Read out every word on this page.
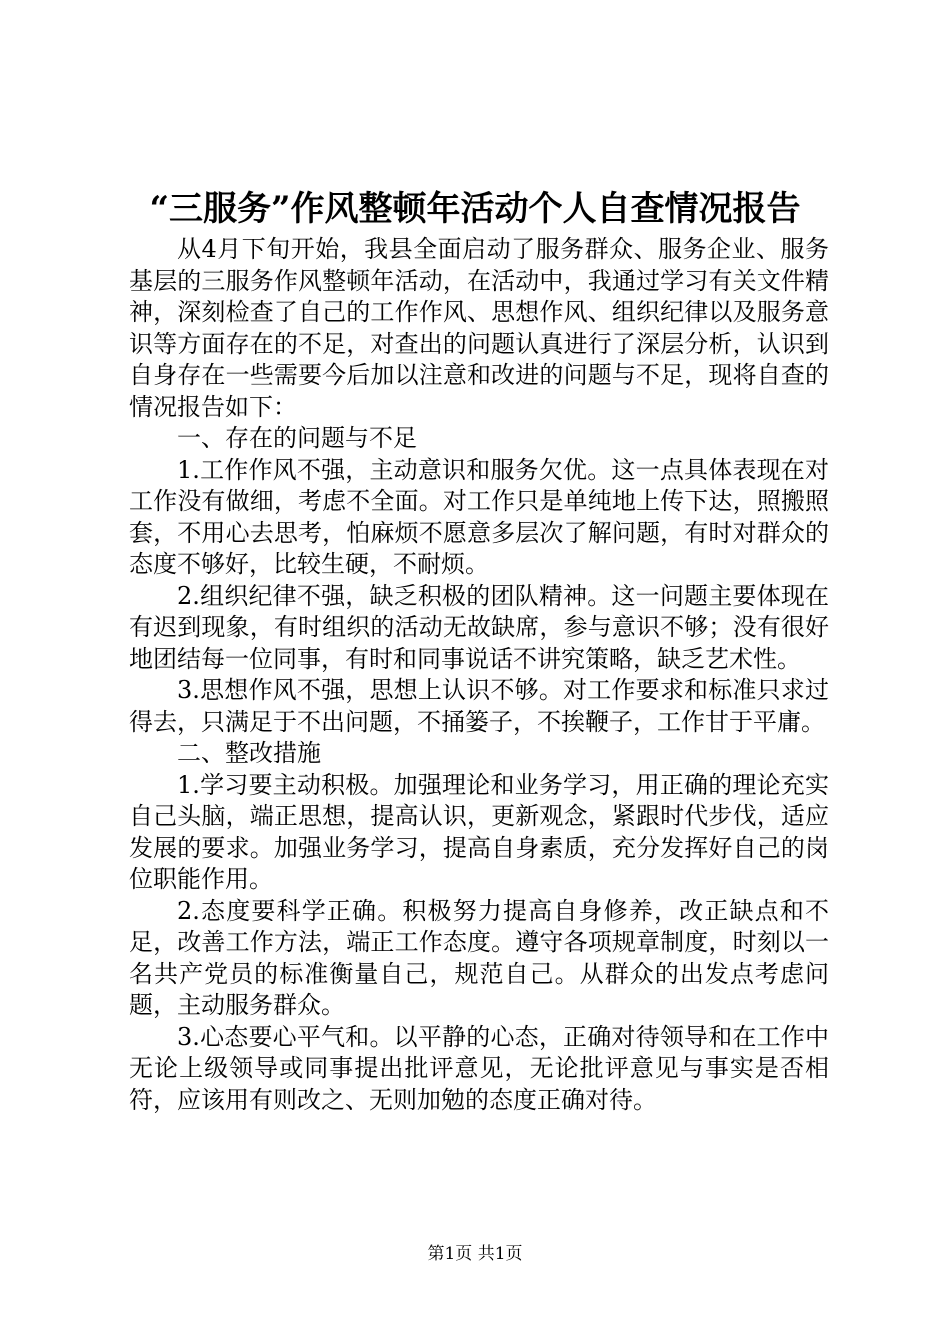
“三服务”作风整顿年活动个人自查情况报告

从4月下旬开始，我县全面启动了服务群众、服务企业、服务基层的三服务作风整顿年活动，在活动中，我通过学习有关文件精神，深刻检查了自己的工作作风、思想作风、组织纪律以及服务意识等方面存在的不足，对查出的问题认真进行了深层分析，认识到自身存在一些需要今后加以注意和改进的问题与不足，现将自查的情况报告如下：

一、存在的问题与不足

1.工作作风不强，主动意识和服务欠优。这一点具体表现在对工作没有做细，考虑不全面。对工作只是单纯地上传下达，照搬照套，不用心去思考，怕麻烦不愿意多层次了解问题，有时对群众的态度不够好，比较生硬，不耐烦。

2.组织纪律不强，缺乏积极的团队精神。这一问题主要体现在有迟到现象，有时组织的活动无故缺席，参与意识不够；没有很好地团结每一位同事，有时和同事说话不讲究策略，缺乏艺术性。

3.思想作风不强，思想上认识不够。对工作要求和标准只求过得去，只满足于不出问题，不捅篓子，不挨鞭子，工作甘于平庸。

二、整改措施

1.学习要主动积极。加强理论和业务学习，用正确的理论充实自己头脑，端正思想，提高认识，更新观念，紧跟时代步伐，适应发展的要求。加强业务学习，提高自身素质，充分发挥好自己的岗位职能作用。

2.态度要科学正确。积极努力提高自身修养，改正缺点和不足，改善工作方法，端正工作态度。遵守各项规章制度，时刻以一名共产党员的标准衡量自己，规范自己。从群众的出发点考虑问题，主动服务群众。

3.心态要心平气和。以平静的心态，正确对待领导和在工作中无论上级领导或同事提出批评意见，无论批评意见与事实是否相符，应该用有则改之、无则加勉的态度正确对待。

第1页 共1页
